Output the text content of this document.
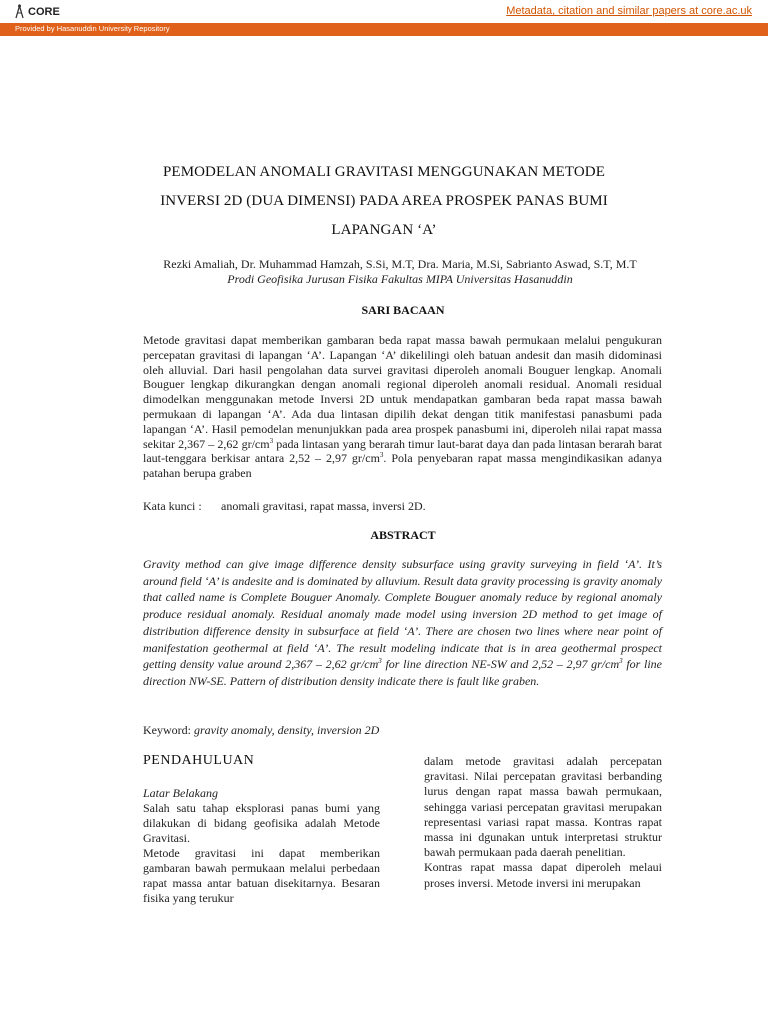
CORE	Metadata, citation and similar papers at core.ac.uk
Provided by Hasanuddin University Repository
PEMODELAN ANOMALI GRAVITASI MENGGUNAKAN METODE
INVERSI 2D (DUA DIMENSI) PADA AREA PROSPEK PANAS BUMI
LAPANGAN ‘A’
Rezki Amaliah, Dr. Muhammad Hamzah, S.Si, M.T, Dra. Maria, M.Si, Sabrianto Aswad, S.T, M.T
Prodi Geofisika Jurusan Fisika Fakultas MIPA Universitas Hasanuddin
SARI BACAAN
Metode gravitasi dapat memberikan gambaran beda rapat massa bawah permukaan melalui pengukuran percepatan gravitasi di lapangan ‘A’. Lapangan ‘A’ dikelilingi oleh batuan andesit dan masih didominasi oleh alluvial. Dari hasil pengolahan data survei gravitasi diperoleh anomali Bouguer lengkap. Anomali Bouguer lengkap dikurangkan dengan anomali regional diperoleh anomali residual. Anomali residual dimodelkan menggunakan metode Inversi 2D untuk mendapatkan gambaran beda rapat massa bawah permukaan di lapangan ‘A’. Ada dua lintasan dipilih dekat dengan titik manifestasi panasbumi pada lapangan ‘A’. Hasil pemodelan menunjukkan pada area prospek panasbumi ini, diperoleh nilai rapat massa sekitar 2,367 – 2,62 $gr/cm^3$ pada lintasan yang berarah timur laut-barat daya dan pada lintasan berarah barat laut-tenggara berkisar antara 2,52 – 2,97 $gr/cm^3$. Pola penyebaran rapat massa mengindikasikan adanya patahan berupa graben
Kata kunci : anomali gravitasi, rapat massa, inversi 2D.
ABSTRACT
Gravity method can give image difference density subsurface using gravity surveying in field ‘A’. It’s around field ‘A’ is andesite and is dominated by alluvium. Result data gravity processing is gravity anomaly that called name is Complete Bouguer Anomaly. Complete Bouguer anomaly reduce by regional anomaly produce residual anomaly. Residual anomaly made model using inversion 2D method to get image of distribution difference density in subsurface at field ‘A’. There are chosen two lines where near point of manifestation geothermal at field ‘A’. The result modeling indicate that is in area geothermal prospect getting density value around 2,367 – 2,62 $gr/cm^3$ for line direction NE-SW and 2,52 – 2,97 $gr/cm^3$ for line direction NW-SE. Pattern of distribution density indicate there is fault like graben.
Keyword: gravity anomaly, density, inversion 2D
PENDAHULUAN

Latar Belakang

Salah satu tahap eksplorasi panas bumi yang dilakukan di bidang geofisika adalah Metode Gravitasi.

Metode gravitasi ini dapat memberikan gambaran bawah permukaan melalui perbedaan rapat massa antar batuan disekitarnya. Besaran fisika yang terukur

dalam metode gravitasi adalah percepatan gravitasi. Nilai percepatan gravitasi berbanding lurus dengan rapat massa bawah permukaan, sehingga variasi percepatan gravitasi merupakan representasi variasi rapat massa. Kontras rapat massa ini dgunakan untuk interpretasi struktur bawah permukaan pada daerah penelitian.

Kontras rapat massa dapat diperoleh melaui proses inversi. Metode inversi ini merupakan
